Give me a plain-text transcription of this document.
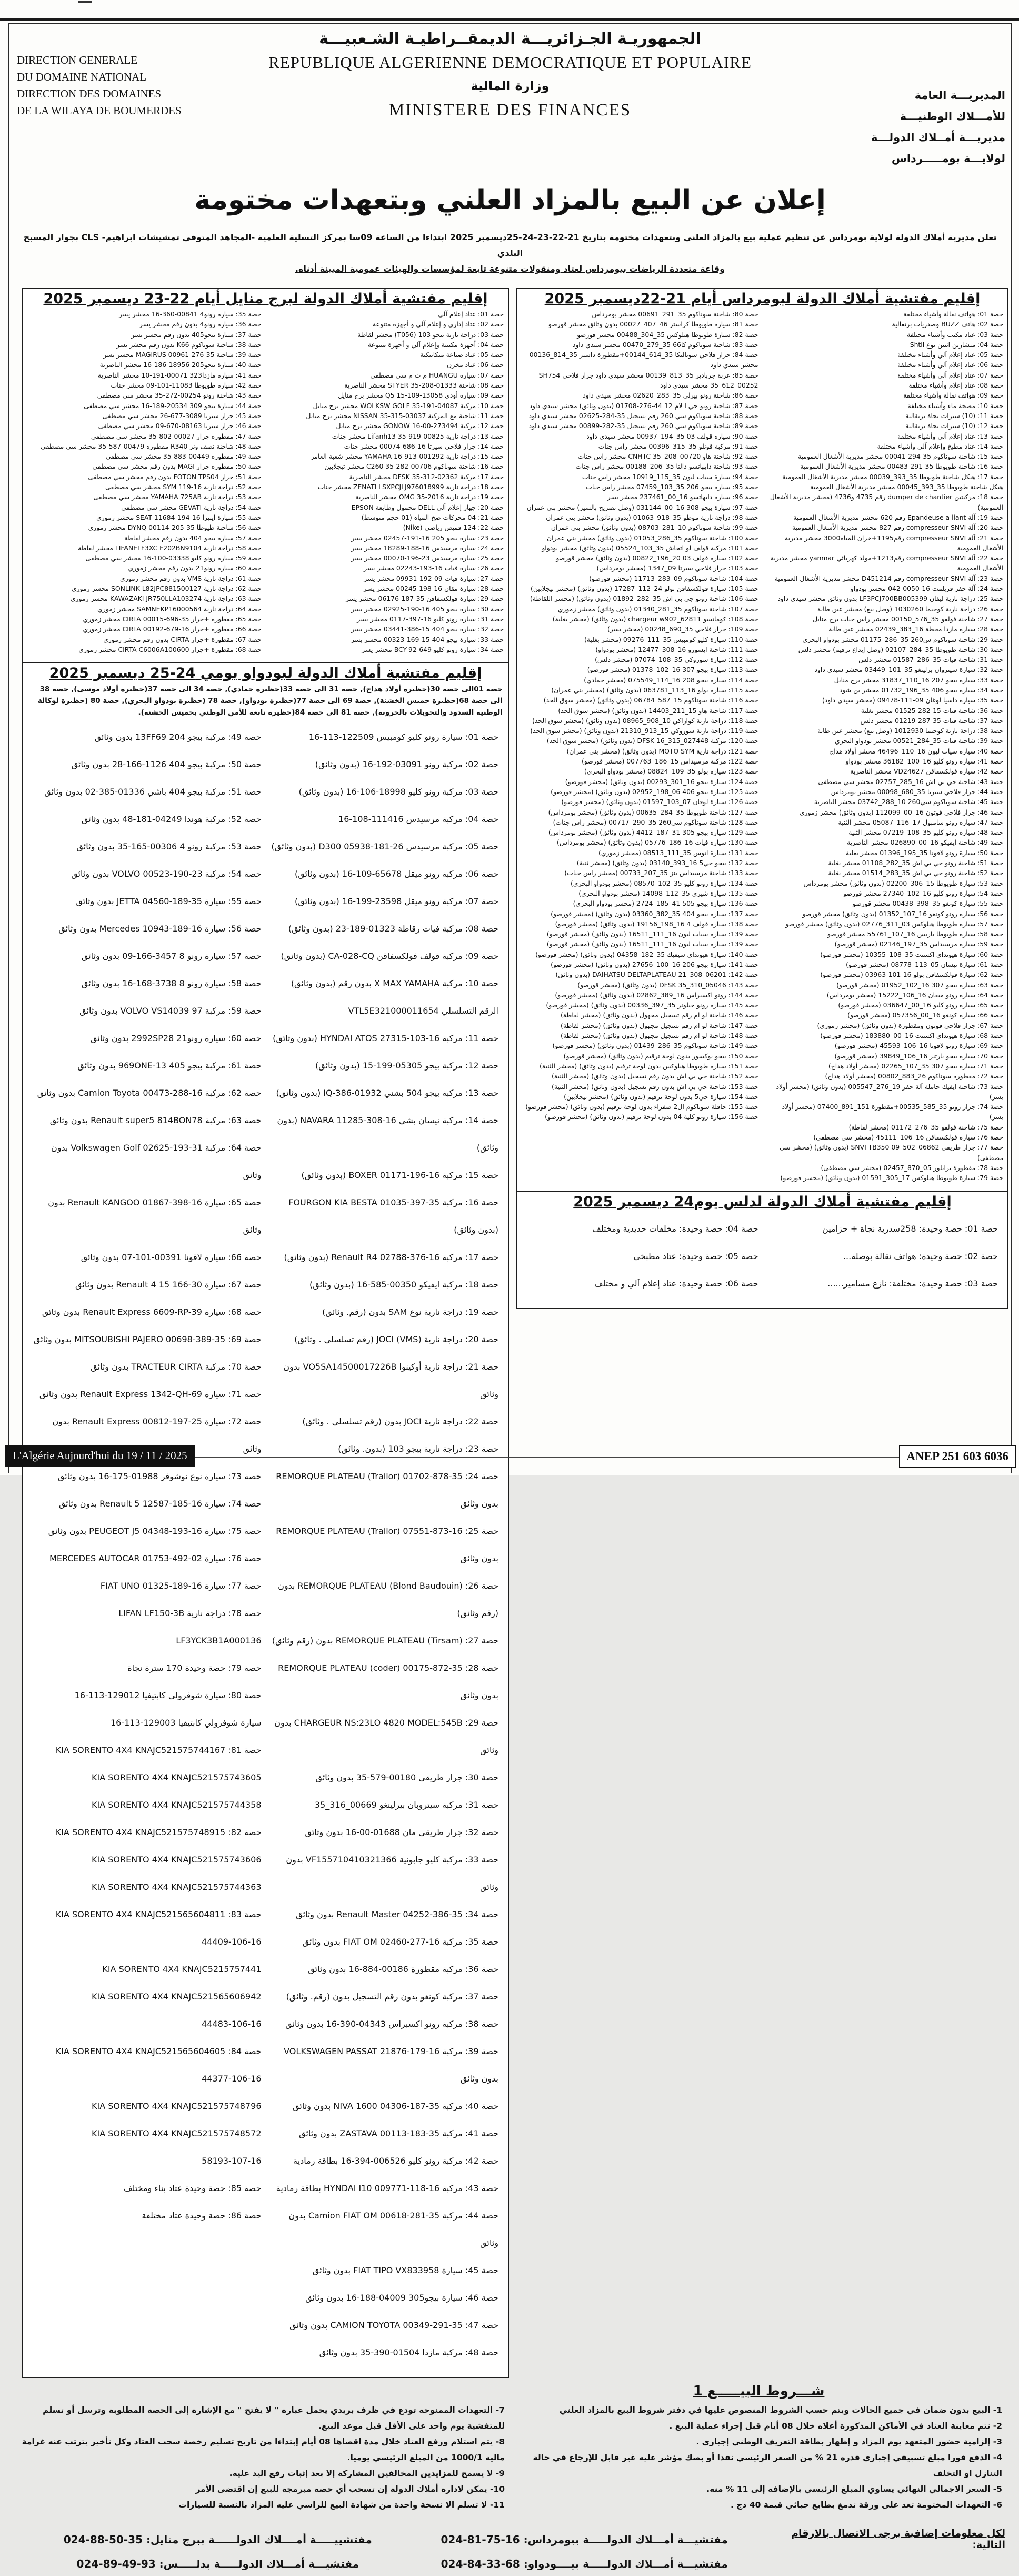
الجمهوريـة الجـزائريـــة الديمقــراطيـة الشـعبيـــة
REPUBLIQUE ALGERIENNE DEMOCRATIQUE ET POPULAIRE
وزارة المالية
MINISTERE DES FINANCES
DIRECTION GENERALE
DU DOMAINE NATIONAL
DIRECTION DES DOMAINES
DE LA WILAYA DE BOUMERDES
المديريـــة العامة
للأمـــلاك الوطنيـــة
مديريـــة أمــلاك الدولـــة
لولايـــة بومـــــرداس
إعلان عن البيع بالمزاد العلني وبتعهدات مختومة
تعلن مديرية أملاك الدولة لولاية بومرداس عن تنظيم عملية بيع بالمزاد العلني وبتعهدات مختومة بتاريخ 21-22-23-24-25ديسمبر 2025 ابتداءا من الساعة 09سا بمركز التسلية العلمية -المجاهد المتوفي تمشيشات ابراهيم- CLS بجوار المسبح البلدي
وقاعة متعددة الرياضات ببومرداس لعتاد ومنقولات متنوعة تابعة لمؤسسات والهيئات عمومية المبينة أدناه.
إقليم مفتشية أملاك الدولة لبومرداس أيام 21-22ديسمبر 2025
حصة 01: هواتف نقالة وأشياء مختلفة
حصة 02: هاتف BUZZ وصدريات برتقالية
حصة 03: عتاد مكتب وأشياء مختلفة
حصة 04: منشارين اثنين نوع Shtil
حصة 05: عتاد إعلام آلي وأشياء مختلفة
حصة 06: عتاد إعلام آلي وأشياء مختلفة
حصة 07: عتاد إعلام آلي وأشياء مختلفة
حصة 08: عتاد إعلام وأشياء مختلفة
حصة 09: هواتف نقالة وأشياء مختلفة
حصة 10: مضخة ماء وأشياء مختلفة
حصة 11: (10) سترات نجاة برتقالية
حصة 12: (10) سترات نجاة برتقالية
حصة 13: عتاد إعلام آلي وأشياء مختلفة
حصة 14: عتاد مطبخ وإعلام آلي وأشياء مختلفة
حصة 15: شاحنة سوناكوم 35-294-00041 محشر مديرية الأشغال العمومية
حصة 16: شاحنة طويوطا 35-291-00483 محشر مديرية الأشغال العمومية
حصة 17: هيكل شاحنة طويوطا 35_393_00039 محشر مديرية الأشغال العمومية هيكل شاحنة طويوطا 35_393_00045 محشر مديرية الأشغال العمومية
حصة 18: مركبتين dumper de chantier رقم 4735 و4736 (محشر مديرية الأشغال العمومية)
حصة 19: آلة Epandeuse a liant رقم 620 محشر مديرية الأشغال العمومية
حصة 20: آلة compresseur SNVI رقم 827 محشر مديرية الأشغال العمومية
حصة 21: آلة compresseur SNVI رقم1195+خزان المياه3000 محشر مديرية الأشغال العمومية
حصة 22: آلة compresseur SNVI رقم1213+مولد كهربائي yanmar محشر مديرية الأشغال العمومية
حصة 23: آلة compresseur SNVI رقم D451214 محشر مديرية الأشغال العمومية
حصة 24: آلة حفر فريلمت 16-0050-042 محشر بودواو
حصة 25: دراجة نارية ليفان LF3PCJ700BB005399 بدون وثائق محشر سيدي داود
حصة 26: دراجة نارية كوجيما 1030260 (وصل بيع) محشر عين طابة
حصة 27: شاحنة فولفو 35_576_00150 محشر راس جنات برج منايل
حصة 28: سيارة مازدا مخطة 16_383_02439 محشر عين طابة
حصة 29: شاحنة سوناكوم س260 35_286_01175 محشر بودواو البحري
حصة 30: شاحنة طويوطا 35_284_02107 (وصل إيداع ترقيم) محشر دلس
حصة 31: شاحنة فيات 35_286_01587 محشر دلس
حصة 32: سيارة سيتروان برلينغو 35_101_03449 محشر سيدي داود
حصة 33: سيارة بيجو 207 16_110_31837 محشر برج منايل
حصة 34: سيارة بيجو 406 35_196_01732 محشر بن شود
حصة 35: سيارة داسيا لوغان 09-111-09478 (محشر سيدي داود)
حصة 36: شاحنة فيات 15-282-01525 محشر بغلية
حصة 37: شاحنة فيات 35-287-01219 محشر دلس
حصة 38: دراجة نارية كوجيما 1012930 (وصل بيع) محشر عين طابة
حصة 39: شاحنة فيات 35_284_00521 محشر بودواو البحري
حصة 40: سيارة سيات ليون 16_110_46496 محشر أولاد هداج
حصة 41: سيارة رونو كليو 16_100_36182 محشر بودواو
حصة 42: سيارة فولكسفاقن VD24627 محشر الناصرية
حصة 43: شاحنة جي بي اش 16_285_02757 محشر سي مصطفى
حصة 44: جرار فلاحي سيرتا 35_680_00098 محشر بومرداس
حصة 45: شاحنة سوناكوم سي260 10_288_03742 محشر الناصرية
حصة 46: جرار فلاحي فوتون 16_00_112099 (بدون وثائق) محشر زموري
حصة 47: سيارة رونو سامبول 17_116_05087 محشر الثنية
حصة 48: سيارة رونو كليو 35_108_07219 محشر الثنية
حصة 49: شاحنة ايفيكو 16_00_026890 محشر الناصرية
حصة 50: سيارة رونو لاقونا 35_195_01396 محشر بغلية
حصة 51: شاحنة رونو جي بي اش 35_282_01108 محشر بغلية
حصة 52: شاحنة رونو جي بي اش 35_283_01514 محشر بغلية
حصة 53: سيارة طويوطا 15_306_02200 (بدون وثائق) محشر بومرداس
حصة 54: سيارة رونو كليو 16_102_27340 محشر قورصو
حصة 55: سيارة كونغو 35_398_00438 محشر قورصو
حصة 56: سيارة رونو كونغو 16_107_01352 (بدون وثائق) محشر قورصو
حصة 57: سيارة طويوطا هيلوكس 03_311_02776 (بدون وثائق) محشر قورصو
حصة 58: سيارة طويوطا باريس 16_107_55761 محشر قورصو
حصة 59: سيارة مرسيداس 35_197_02146 (محشر قورصو)
حصة 60: سيارة هيونداي اكسنت 35_108_10355 (محشر قورصو)
حصة 61: سيارة نيسان 05_113_08778 (محشر قورصو)
حصة 62: سيارة فولكسفاقن بولو 16-101-03963 (محشر قورصو)
حصة 63: سيارة بيجو 307 16_102_01952 (محشر قورصو)
حصة 64: سيارة رونو ميقان 16_106_15222 (محشر بومرداس)
حصة 65: سيارة رونو كليو 16_00_036647 (محشر قورصو)
حصة 66: سيارة كونغو 16_00_057356 (محشر قورصو)
حصة 67: جرار فلاحي فوتون ومقطورة (بدون وثائق) (محشر زموري)
حصة 68: سيارة هيونداي اكسنت 16_00_183880 (محشر قورصو)
حصة 69: سيارة رونو لاقونا 16_106_45593 (محشر قورصو)
حصة 70: سيارة بيجو بارتنر 16_106_39849 (محشر قورصو)
حصة 71: سيارة بيجو 307 35_107_02265 (محشر أولاد هداج)
حصة 72: مقطورة سوناكوم 26_883_00802 (محشر أولاد هداج)
حصة 73: شاحنة ايفيك حاملة آلة حفر 19_276_005547 (بدون وثائق) (محشر أولاد يسر)
حصة 74: جرار رونو 35_585_00535+مقطورة 151_891_07400 (محشر أولاد يسر)
حصة 75: شاحنة فولفو 35_276_01172 (محشر لقاطة)
حصة 76: سيارة فولكسفاقن 16_106_45111 (محشر سي مصطفى)
حصة 77: جرار طريقي SNVI TB350 09_502_06862 (بدون وثائق) (محشر سي مصطفى)
حصة 78: مقطورة ترايلور 05_870_02457 (محشر سي مصطفى)
حصة 79: سيارة طويوطا هيلوكس 17_305_01591 (بدون وثائق) (محشر قورصو)
حصة 80: شاحنة سوناكوم 35_291_00691 محشر بومرداس
حصة 81: سيارة طويوطا كراستر 46_407_00027 بدون وثائق محشر قورصو
حصة 82: سيارة طويوطا هيلوكس 35_304_00488 محشر قورصو
حصة 83: شاحنة سوناكوم كا66 35_279_00470 محشر سيدي داود
حصة 84: جرار فلاحي سوناليكا 35_614_00144+مقطورة داستر 35_814_00136 محشر سيدي داود
حصة 85: عربة جربادير 35_813_00139 محشر سيدي داود جرار فلاحي SH754 35_612_00252 محشر سيدي داود
حصة 86: شاحنة رونو بيرلي 35_283_02620 محشر سيدي داود
حصة 87: شاحنة رونو جي ا لام 12 44-276-01708 (بدون وثائق) محشر سيدي داود
حصة 88: شاحنة سوناكوم سي 260 رقم تسجيل 35-284-02625 محشر سيدي داود
حصة 89: شاحنة سوناكوم سي 260 رقم تسجيل 35-282-00899 محشر سيدي داود
حصة 90: سيارة قولف 03 35_194_00937 محشر سيدي داود
حصة 91: مركبة قونلو 35_315_00396 محشر راس جنات
حصة 92: شاحنة هاو CNHTC 35_208_00720 محشر راس جنات
حصة 93: شاحنة دايهاتسو دالتا 35_206_00188 محشر راس جنات
حصة 94: سيارة سيات ليون 35_115_10919 محشر راس جنات
حصة 95: سيارة بيجو 206 35_103_07459 محشر راس جنات
حصة 96: سيارة دايهاتسو 16_00_237461 محشر يسر
حصة 97: سيارة بيجو 308 16_00_031144 (وصل تصريح بالسير) محشر بني عمران
حصة 98: دراجة نارية موطو 35_918_01063 (بدون وثائق) محشر بني عمران
حصة 99: شاحنة سوناكوم 10_281_08703 (بدون وثائق) محشر بني عمران
حصة 100: شاحنة سوناكوم 35_286_01053 (بدون وثائق) محشر بني عمران
حصة 101: مركبة قولف لو اتحاش 35_103_05524 (بدون وثائق) محشر بودواو
حصة 102: سيارة قولف 03 20_196_00822 (بدون وثائق) محشر قورصو
حصة 103: جرار فلاحي سيرتا 09_1347 (محشر بومرداس)
حصة 104: شاحنة سوناكوم 09_283_11713 (محشر قورصو)
حصة 105: سيارة فولكسفاقن بولو 24_112_17287 (بدون وثائق) (محشر تيجلابين)
حصة 106: شاحنة رونو جي بي اش 35_282_01892 (بدون وثائق) (محشر اللقاطة)
حصة 107: شاحنة سوناكوم 35_281_01340 (بدون وثائق) محشر زموري
حصة 108: كوماتسو chargeur w902_62811 (بدون وثائق) (محشر بغلية)
حصة 109: جرار فلاحي 35_690_00248 (محشر يسر)
حصة 110: سيارة كليو كومبيس 35_111_09276 (محشر بغلية)
حصة 111: شاحنة ايسوزو 16_308_12477 (محشر بودواو)
حصة 112: سيارة سوزوكي 35_108_07074 (محشر دلس)
حصة 113: سيارة بيجو 307 16_102_01378 (محشر قورصو)
حصة 114: سيارة بيجو 208 16_114_075549 (محشر حمادي)
حصة 115: سيارة بولو 16_113_063781 (بدون وثائق) (محشر بني عمران)
حصة 116: شاحنة سوناكوم 15_587_06784 (بدون وثائق) (محشر سوق الحد)
حصة 117: شاحنة هاو 15_211_14403 (بدون وثائق) (محشر سوق الحد)
حصة 118: دراجة نارية كوازاكي 10_908_08965 (بدون وثائق) (محشر سوق الحد)
حصة 119: دراجة نارية سوزوكي 15_913_21310 (بدون وثائق) (محشر سوق الحد)
حصة 120: مركبة DFSK 16_315_027448 (بدون وثائق) (محشر سوق الحد)
حصة 121: دراجة نارية MOTO SYM (بدون وثائق) (محشر بني عمران)
حصة 122: مركبة مرسيداس 15_186_007763 (محشر قورصو)
حصة 123: سيارة بولو 35_109_08824 (محشر بودواو البحري)
حصة 124: سيارة بيجو 16_301_00293 (بدون وثائق) (محشر قورصو)
حصة 125: سيارة بيجو 406 06_198_02952 (بدون وثائق) (محشر قورصو)
حصة 126: سيارة لوقان 07_103_01597 (بدون وثائق) (محشر قورصو)
حصة 127: شاحنة طويوطا 35_284_00635 (بدون وثائق) (محشر بومرداس)
حصة 128: شاحنة سوناكوم سي260 35_290_00717 (محشر راس جنات)
حصة 129: سيارة بيجو 305 31_187_4412 (بدون وثائق) (محشر بومرداس)
حصة 130: سيارة فيات 16_186_05776 (بدون وثائق) (محشر بومرداس)
حصة 131: سيارة اتوس 35_111_08513 (محشر زموري)
حصة 132: بيجو جي5 16_393_03140 (بدون وثائق) (محشر ثنية)
حصة 133: شاحنة مرسيداس بنز 35_207_00733 (محشر راس جنات)
حصة 134: سيارة رونو كليو 35_102_08570 (محشر بودواو البحري)
حصة 135: سيارة شيري 35_112_14098 (محشر بودواو البحري)
حصة 136: سيارة بيجو 505 41_185_2724 (محشر بودواو البحري)
حصة 137: سيارة بيجو 404 35_382_03360 (بدون وثائق) (محشر قورصو)
حصة 138: سيارة قولف 4 16_198_19156 (بدون وثائق) (محشر قورصو)
حصة 139: سيارة سيات ليون 16_111_16511 (بدون وثائق) (محشر قورصو)
حصة 139: سيارة سيات ليون 16_111_16511 (بدون وثائق) (محشر قورصو)
حصة 140: سيارة هيونداي سيفيك 35_182_04358 (بدون وثائق) (محشر قورصو)
حصة 141: سيارة بيجو 206 16_100_27656 (بدون وثائق) (محشر قورصو)
حصة 142: DAIHATSU DELTAPLATEAU 21_308_06201 (بدون وثائق)
حصة 143: DFSK 35_310_05046 (بدون وثائق) (محشر قورصو)
حصة 144: رونو اكسبراس 16_389_02862 (بدون وثائق) (محشر قورصو)
حصة 145: سيارة رونو جيلونر 35_397_00336 (بدون وثائق) (محشر قورصو)
حصة 146: شاحنة لو ام رقم تسجيل مجهول (بدون وثائق) (محشر لقاطة)
حصة 147: شاحنة لو ام رقم تسجيل مجهول (بدون وثائق) (محشر لقاطة)
حصة 148: شاحنة لو ام رقم تسجيل مجهول (بدون وثائق) (محشر لقاطة)
حصة 149: شاحنة سوناكوم 35_286_01439 (بدون وثائق) (محشر قورصو)
حصة 150: بيجو بوكسور بدون لوحة ترقيم (بدون وثائق) (محشر قورصو)
حصة 151: سيارة طويوطا هيلوكس بدون لوحة ترقيم (بدون وثائق) (محشر الثنية)
حصة 152: شاحنة جي بي اش بدون رقم تسجيل (بدون وثائق) (محشر الثنية)
حصة 153: شاحنة جي بي اش بدون رقم تسجيل (بدون وثائق) (محشر الثنية)
حصة 154: سيارة جي5 بدون لوحة ترقيم (بدون وثائق) (محشر تيجلابين)
حصة 155: حافلة سوناكوم ال2 صفراء بدون لوحة ترقيم (بدون وثائق) (محشر قورصو)
حصة 156: سيارة رونو كلية 04 بدون لوحة ترقيم (بدون وثائق) (محشر قورصو)
إقليم مفتشية أملاك الدولة لدلس يوم24 ديسمبر 2025
حصة 01: حصة وحيدة: 258سدرية نجاة + حزامين
حصة 02: حصة وحيدة: هواتف نقالة بوصلة...
حصة 03: حصة وحيدة: مختلفة: نازع مسامير......
حصة 04: حصة وحيدة: مخلفات حديدية ومختلف
حصة 05: حصة وحيدة: عتاد مطبخي
حصة 06: حصة وحيدة: عتاد إعلام آلي و مختلف
إقليم مفتشية أملاك الدولة لبرج منايل أيام 22-23 ديسمبر 2025
حصة 01: عتاد إعلام آلي
حصة 02: عتاد إداري و إعلام آلي و أجهزة متنوعة
حصة 03: دراجة نارية بيجو 103 (T056) محشر لقاطة
حصة 04: أجهزة مكتبية وإعلام آلي و أجهزة متنوعة
حصة 05: عتاد صناعة ميكانيكية
حصة 06: عتاد مخزن
حصة 07: سيارة HUANGU م ث م سي مصطفى
حصة 08: شاحنة STYER 35-208-01333 محشر الناصرية
حصة 09: سيارة أودي Q5 15-109-13058 محشر برج منايل
حصة 10: مركبة WOLKSW GOLF 35-191-04087 محشر برج منايل
حصة 11: شاحنة مع المركبة NISSAN 35-315-03037 محشر برج منايل
حصة 12: مركبة GONOW 16-00-273494 محشر برج منايل
حصة 13: دراجة نارية Lifanh13 35-919-00825 محشر جنات
حصة 14: جرار فلاحي سيرتا 16-686-00074 محشر جنات
حصة 15: دراجة نارية YAMAHA 16-913-001292 محشر شعبة العامر
حصة 16: شاحنة سوناكوم C260 35-282-00706 محشر تيجلابين
حصة 17: مركبة DFSK 35-312-02362 محشر الناصرية
حصة 18: دراجة نارية ZENATI LSXPCJLJ976018999 محشر جنات
حصة 19: دراجة نارية OMG 35-2016 محشر الناصرية
حصة 20: جهاز إعلام آلي DELL محمول وطابعة EPSON
حصة 21: 04 محركات ضخ المياه (01 حجم متوسط)
حصة 22: 124 قميص رياضي (Nike)
حصة 23: سيارة بيجو 205 16-191-02457 محشر يسر
حصة 24: سيارة مرسيدس 16-188-18289 محشر يسر
حصة 25: سيارة مرسيدس 23-196-00070 محشر يسر
حصة 26: سيارة فيات 16-193-02243 محشر يسر
حصة 27: سيارة فيات 09-192-09931 محشر يسر
حصة 28: سيارة مقان 16-198-00245 محشر يسر
حصة 29: سيارة فولكسفاقن 35-187-06176 محشر يسر
حصة 30: سيارة بيجو 405 16-190-02925 محشر يسر
حصة 31: سيارة رونو كليو 16-397-0117 محشر يسر
حصة 32: سيارة بيجو 404 15-386-03441 محشر يسر
حصة 33: سيارة بيجو 404 15-169-00323 محشر يسر
حصة 34: سيارة رونو كليو 649-BCY-92 محشر يسر
حصة 35: سيارة رونو4 00841-360-16 محشر يسر
حصة 36: سيارة رونو4 بدون رقم محشر يسر
حصة 37: سيارة بيجو405 بدون رقم محشر يسر
حصة 38: شاحنة سوناكوم K66 بدون رقم محشر يسر
حصة 39: شاحنة MAGIRUS 00961-276-35 محشر يسر
حصة 40: سيارة بيجو205 18956-186-16 محشر الناصرية
حصة 41: سيارة مازدا323 00071-191-10 محشر الناصرية
حصة 42: سيارة طويوطا 11083-101-09 محشر جنات
حصة 43: شاحنة رونو 00254-272-35 محشر سي مصطفى
حصة 44: سيارة بيجو 309 20534-189-16 محشر سي مصطفى
حصة 45: جرار سيرتا 3089-677-26 محشر سي مصطفى
حصة 46: جرار سيرتا 08163-670-09 محشر سي مصطفى
حصة 47: مقطورة جرار 00027-802-35 محشر سي مصطفى
حصة 48: شاحنة نصف ونر R340 مقطورة 00479-587-35 محشر سي مصطفى
حصة 49: مقطورة 00449-883-35 محشر سي مصطفى
حصة 50: مقطورة جرار MAGI بدون رقم محشر سي مصطفى
حصة 51: جرار FOTON TPS04 بدون رقم محشر سي مصطفى
حصة 52: دراجة نارية SYM 119-16 محشر سي مصطفى
حصة 53: دراجة نارية YAMAHA 725AB محشر سي مصطفى
حصة 54: دراجة نارية GEVATI محشر سي مصطفى
حصة 55: سيارة ايبيزا SEAT 11684-194-16 محشر زموري
حصة 56: شاحنة طيوطا DYNQ 00114-205-35 محشر زموري
حصة 57: سيارة بيجو 404 بدون رقم محشر لقاطة
حصة 58: دراجة نارية LIFANELF3XC F202BN9104 محشر لقاطة
حصة 59: سيارة رونو كليو 03338-100-16 محشر سي مصطفى
حصة 60: سيارة رونو21 بدون رقم محشر زموري
حصة 61: دراجة نارية VMS بدون رقم محشر زموري
حصة 62: دراجة نارية SONLINK L82JPC881500127 محشر زموري
حصة 63: دراجة نارية KAWAZAKI JR750LLA103274 محشر زموري
حصة 64: دراجة نارية SAMNEKP16000564 محشر زموري
حصة 65: مقطورة +جرار CIRTA 00015-696-35 محشر زموري
حصة 66: مقطورة +جرار CIRTA 00192-679-16 محشر زموري
حصة 67: مقطورة +جرار CIRTA بدون رقم محشر زموري
حصة 68: مقطورة +جرار CIRTA C6006A100600 محشر زموري
إقليم مفتشية أملاك الدولة لبودواو يومي 24-25 ديسمبر 2025
حصة 01الى حصة 30(حظيرة أولاد هداج), حصة 31 الى حصة 33(حظيرة حمادي), حصة 34 الى حصة 37(حظيرة أولاد موسى), حصة 38 الى حصة 68(حظيرة خميس الخشنة), حصة 69 الى حصة 77(حظيرة بودواو), حصة 78 (حظيرة بودواو البحري), حصة 80 (حظيرة لوكالة الوطنية السدود والتحويلات بالخروبة), حصة 81 الى حصة 84(حظيرة تابعة للأمن الوطني بخميس الخشنة).
حصة 01: سيارة رونو كليو كومبيس 122509-113-16
حصة 02: مركبة رونو 03091-192-16 (بدون وثائق)
حصة 03: مركبة رونو كليو 18998-106-16 (بدون وثائق)
حصة 04: مركبة مرسيدس 111416-108-16
حصة 05: مركبة مرسيدس D300 05938-181-26 (بدون وثائق)
حصة 06: مركبة رونو ميقل 65678-109-16 (بدون وثائق)
حصة 07: مركبة رونو ميقل 23598-199-16 (بدون وثائق)
حصة 08: مركبة فيات رقاطة 01323-189-23 (بدون وثائق)
حصة 09: مركبة قولف فولكسفاقن CA-028-CQ (بدون وثائق)
حصة 10: مركبة X MAX YAMAHA بدون رقم (بدون وثائق) الرقم التسلسلي VTL5E321000011654
حصة 11: مركبة HYNDAI ATOS 27315-103-16 (بدون وثائق)
حصة 12: مركبة بيجو 05305-199-15 (بدون وثائق)
حصة 13: مركبة بيجو 504 بشني 01932-386-IQ (بدون وثائق)
حصة 14: مركبة نيسان بشي NAVARA 11285-308-16 (بدون وثائق)
حصة 15: مركبة BOXER 01171-196-16 (بدون وثائق)
حصة 16: مركبة FOURGON KIA BESTA 01035-397-35 (بدون وثائق)
حصة 17: مركبة Renault R4 02788-376-16 (بدون وثائق)
حصة 18: مركبة ايفيكو 00350-585-16 (بدون وثائق)
حصة 19: دراجة نارية نوع SAM بدون (رقم. وثائق)
حصة 20: دراجة نارية JOCI (VMS) (رقم تسلسلي . وثائق)
حصة 21: دراجة نارية أوكينوا VO5SA14500017226B بدون وثائق
حصة 22: دراجة نارية JOCI بدون (رقم تسلسلي . وثائق)
حصة 23: دراجة نارية بيجو 103 (بدون. وثائق)
حصة 24: REMORQUE PLATEAU (Trailor) 01702-878-35 بدون وثائق
حصة 25: REMORQUE PLATEAU (Trailor) 07551-873-16 بدون وثائق
حصة 26: REMORQUE PLATEAU (Blond Baudouin) بدون (رقم وثائق)
حصة 27: REMORQUE PLATEAU (Tirsam) بدون (رقم وثائق)
حصة 28: REMORQUE PLATEAU (coder) 00175-872-35 بدون وثائق
حصة 29: CHARGEUR NS:23LO 4820 MODEL:545B بدون وثائق
حصة 30: جرار طريقي 00180-579-35 بدون وثائق
حصة 31: مركبة سيتروبان بيرلينغو 00669_316_35
حصة 32: جرار طريقي مان 01688-00-16 بدون وثائق
حصة 33: مركبة كليو جابونية VF155710410321366 بدون وثائق
حصة 34: Renault Master 04252-386-35 بدون وثائق
حصة 35: مركبة FIAT OM 02460-277-16 بدون وثائق
حصة 36: مركبة مقطورة 00186-884-16 بدون وثائق
حصة 37: مركبة كونغو بدون رقم التسجيل بدون (رقم. وثائق)
حصة 38: مركبة رونو اكسبراس 04343-390-16 بدون وثائق
حصة 39: مركبة VOLKSWAGEN PASSAT 21876-179-16 بدون وثائق
حصة 40: مركبة NIVA 1600 04306-187-35 بدون وثائق
حصة 41: مركبة ZASTAVA 00113-183-35 بدون وثائق
حصة 42: مركبة رونو كليو 006526-394-16 بطاقة رمادية
حصة 43: مركبة HYNDAI I10 009771-118-16 بطاقة رمادية
حصة 44: مركبة Camion FIAT OM 00618-281-35 بدون وثائق
حصة 45: سيارة FIAT TIPO VX833958 بدون وثائق
حصة 46: سيارة بيجو305 04009-188-16 بدون وثائق
حصة 47: CAMION TOYOTA 00349-291-35 بدون وثائق
حصة 48: مركبة مازدا 01504-390-35 بدون وثائق
حصة 49: مركبة بيجو 204 13FF69 بدون وثائق
حصة 50: مركبة بيجو 404 1126-166-28 بدون وثائق
حصة 51: مركبة بيجو 404 باشي 01336-385-02 بدون وثائق
حصة 52: مركبة هوندا 04249-181-48 بدون وثائق
حصة 53: مركبة رونو 4 00306-165-35 بدون وثائق
حصة 54: مركبة VOLVO 00523-190-23 بدون وثائق
حصة 55: سيارة JETTA 04560-189-35 بدون وثائق
حصة 56: سيارة Mercedes 10943-189-16 بدون وثائق
حصة 57: سيارة رونو 8 3457-166-09 بدون وثائق
حصة 58: سيارة رونو 8 3738-168-16 بدون وثائق
حصة 59: مركبة VOLVO VS14039 97 بدون وثائق
حصة 60: سيارة رونو21 2992SP28 بدون وثائق
حصة 61: مركبة بيجو 405 969ONE-13 بدون وثائق
حصة 62: مركبة Camion Toyota 00473-288-16 بدون وثائق
حصة 63: مركبة Renault super5 814BON78 بدون وثائق
حصة 64: مركبة Volkswagen Golf 02625-193-31 بدون وثائق
حصة 65: سيارة Renault KANGOO 01867-398-16 بدون وثائق
حصة 66: سيارة لاقونا 00391-101-07 بدون وثائق
حصة 67: سيارة Renault 4 15 166-30 بدون وثائق
حصة 68: سيارة Renault Express 6609-RP-39 بدون وثائق
حصة 69: MITSOUBISHI PAJERO 00698-389-35 بدون وثائق
حصة 70: مركبة TRACTEUR CIRTA بدون وثائق
حصة 71: سيارة Renault Express 1342-QH-69 بدون وثائق
حصة 72: سيارة Renault Express 00812-197-25 بدون وثائق
حصة 73: سيارة نوع نوشوفر 01988-175-16 بدون وثائق
حصة 74: سيارة Renault 5 12587-185-16 بدون وثائق
حصة 75: سيارة PEUGEOT J5 04348-193-16 بدون وثائق
حصة 76: سيارة MERCEDES AUTOCAR 01753-492-02
حصة 77: سيارة FIAT UNO 01325-189-16
حصة 78: دراجة نارية LIFAN LF150-3B LF3YCK3B1A000136
حصة 79: حصة وحيدة 170 سترة نجاة
حصة 80: سيارة شوفرولي كابتيفيا 129012-113-16
سيارة شوفرولي كابتيفيا 129003-113-16
حصة 81: KIA SORENTO 4X4 KNAJC521575744167
KIA SORENTO 4X4 KNAJC521575743605
KIA SORENTO 4X4 KNAJC521575744358
حصة 82: KIA SORENTO 4X4 KNAJC521575748915
KIA SORENTO 4X4 KNAJC521575743606
KIA SORENTO 4X4 KNAJC521575744363
حصة 83: KIA SORENTO 4X4 KNAJC521565604811
44409-106-16
KIA SORENTO 4X4 KNAJC5215757441
KIA SORENTO 4X4 KNAJC521565606942
44483-106-16
حصة 84: KIA SORENTO 4X4 KNAJC521565604605
44377-106-16
KIA SORENTO 4X4 KNAJC521575748796
KIA SORENTO 4X4 KNAJC521575748572
58193-107-16
حصة 85: حصة وحيدة عتاد بناء ومختلف
حصة 86: حصة وحيدة عتاد مختلفة
شـــروط البيـــــع 1
1- البيع بدون ضمان في جميع الحالات ويتم حسب الشروط المنصوص عليها في دفتر شروط البيع بالمزاد العلني
2- تتم معاينة العتاد في الأماكن المذكورة أعلاه خلال 08 أيام قبل إجراء عملية البيع .
3- إلزامية حضور المتعهد يوم المزاد و إظهار بطاقة التعريف الوطني إجباري .
4- الدفع فورا مبلغ تسبيقي إجباري قدره 21 % من السعر الرئيسي نقدا أو بصك مؤشر عليه غير قابل للإرجاع في حالة التنازل او التخلف
5- السعر الاجمالي النهائي يساوي المبلغ الرئيسي بالإضافة إلى 11 % منه.
6- التعهدات المختومة تعد على ورقة تدمغ بطابع جبائي قيمة 40 دج .
7- التعهدات الممنوحة تودع في ظرف بريدي يحمل عبارة " لا يفتح " مع الإشارة إلى الحصة المطلوبة وترسل أو تسلم للمتفشية يوم واحد على الأقل قبل موعد البيع.
8- يتم استلام ورفع العتاد خلال مدة اقصاها 08 أيام إبتداءا من تاريخ تسليم رخصة سحب العتاد وكل تأخير يترتب عنه غرامة مالية 1000/1 من المبلغ الرئيسي يوميا.
9- لا يسمح للمزايدين المخالفين المشاركة إلا بعد إثبات رفع اليد عليه.
10- يمكن لادارة أملاك الدولة إن تسحب أي حصة مبرمجة للبيع إن اقتضى الأمر
11- لا تسلم الا نسخة واحدة من شهادة البيع للراسي عليه المزاد بالنسبة للسيارات
لكل معلومات إضافية يرجى الاتصال بالارقام التالية:
مفتشيـــة أمـــلاك الدولـــــة ببومرداس: 024-81-75-16
مفتشييـــــة أمــــلاك الدولــــــة ببرج منايل: 024-88-50-35
مفتشيـــة أمـــلاك الدولـــــة بيــــودواو: 024-84-33-68
مفتشيـــة أمـــلاك الدولـــــة بدلـــــس: 024-89-49-93
L'Algérie Aujourd'hui du 19 / 11 / 2025	ANEP 251 603 6036
